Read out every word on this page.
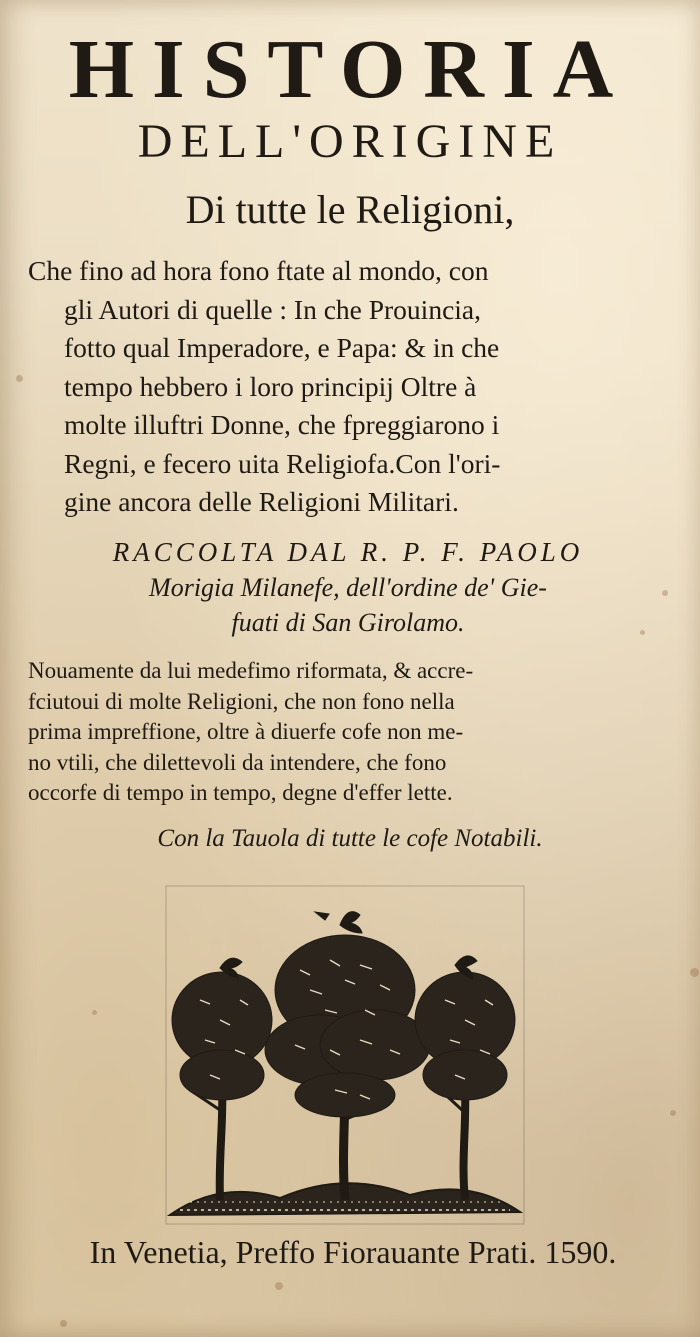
HISTORIA
DELL'ORIGINE
Di tutte le Religioni,
Che fino ad hora fono ftate al mondo, con
gli Autori di quelle : In che Prouincia,
fotto qual Imperadore, e Papa: & in che
tempo hebbero i loro principij Oltre à
molte illuftri Donne, che fpreggiarono i
Regni, e fecero uita Religiofa.Con l'ori-
gine ancora delle Religioni Militari.
RACCOLTA DAL R. P. F. PAOLO
Morigia Milanefe, dell'ordine de' Gie-
fuati di San Girolamo.
Nouamente da lui medefimo riformata, & accre-
fciutoui di molte Religioni, che non fono nella
prima impreffione, oltre à diuerfe cofe non me-
no vtili, che dilettevoli da intendere, che fono
occorfe di tempo in tempo, degne d'effer lette.
Con la Tauola di tutte le cofe Notabili.
In Venetia, Preffo Fiorauante Prati. 1590.
